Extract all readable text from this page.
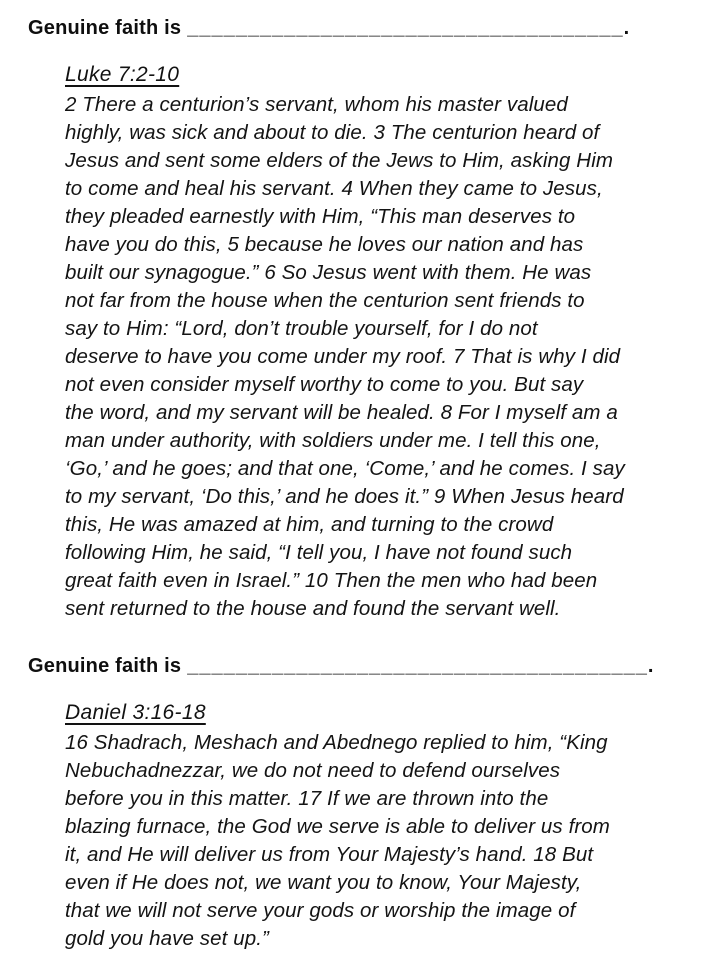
Genuine faith is ____________________________________.
Luke 7:2-10
2 There a centurion’s servant, whom his master valued
highly, was sick and about to die. 3 The centurion heard of
Jesus and sent some elders of the Jews to Him, asking Him
to come and heal his servant. 4 When they came to Jesus,
they pleaded earnestly with Him, “This man deserves to
have you do this, 5 because he loves our nation and has
built our synagogue.” 6 So Jesus went with them. He was
not far from the house when the centurion sent friends to
say to Him: “Lord, don’t trouble yourself, for I do not
deserve to have you come under my roof. 7 That is why I did
not even consider myself worthy to come to you. But say
the word, and my servant will be healed. 8 For I myself am a
man under authority, with soldiers under me. I tell this one,
‘Go,’ and he goes; and that one, ‘Come,’ and he comes. I say
to my servant, ‘Do this,’ and he does it.” 9 When Jesus heard
this, He was amazed at him, and turning to the crowd
following Him, he said, “I tell you, I have not found such
great faith even in Israel.” 10 Then the men who had been
sent returned to the house and found the servant well.
Genuine faith is ______________________________________.
Daniel 3:16-18
16 Shadrach, Meshach and Abednego replied to him, “King
Nebuchadnezzar, we do not need to defend ourselves
before you in this matter. 17 If we are thrown into the
blazing furnace, the God we serve is able to deliver us from
it, and He will deliver us from Your Majesty’s hand. 18 But
even if He does not, we want you to know, Your Majesty,
that we will not serve your gods or worship the image of
gold you have set up.”
